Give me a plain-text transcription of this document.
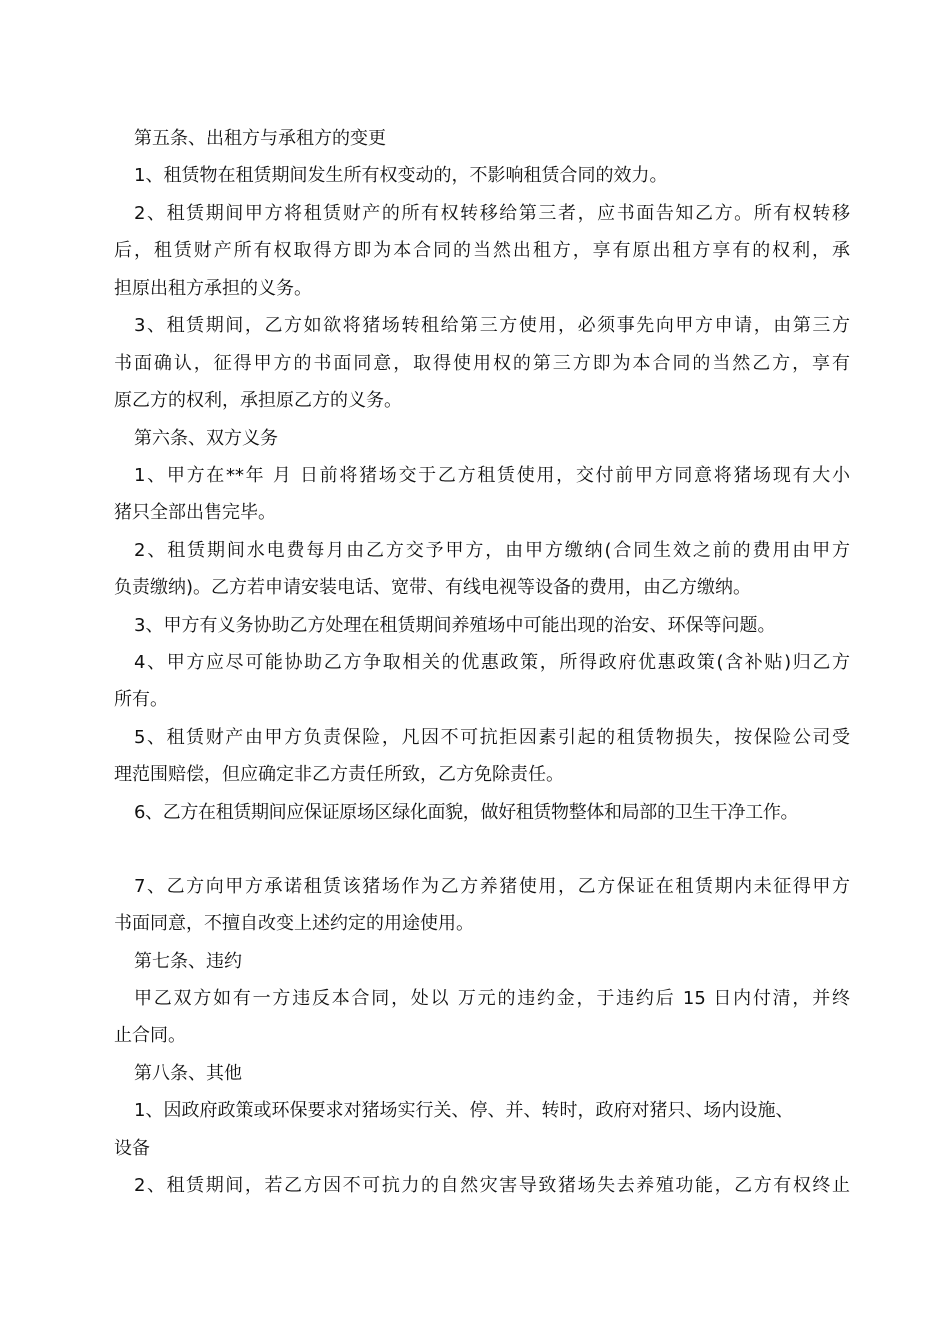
第五条、出租方与承租方的变更
1、租赁物在租赁期间发生所有权变动的，不影响租赁合同的效力。
2、租赁期间甲方将租赁财产的所有权转移给第三者，应书面告知乙方。所有权转移
后，租赁财产所有权取得方即为本合同的当然出租方，享有原出租方享有的权利，承
担原出租方承担的义务。
3、租赁期间，乙方如欲将猪场转租给第三方使用，必须事先向甲方申请，由第三方
书面确认，征得甲方的书面同意，取得使用权的第三方即为本合同的当然乙方，享有
原乙方的权利，承担原乙方的义务。
第六条、双方义务
1、甲方在**年 月 日前将猪场交于乙方租赁使用，交付前甲方同意将猪场现有大小
猪只全部出售完毕。
2、租赁期间水电费每月由乙方交予甲方，由甲方缴纳(合同生效之前的费用由甲方
负责缴纳)。乙方若申请安装电话、宽带、有线电视等设备的费用，由乙方缴纳。
3、甲方有义务协助乙方处理在租赁期间养殖场中可能出现的治安、环保等问题。
4、甲方应尽可能协助乙方争取相关的优惠政策，所得政府优惠政策(含补贴)归乙方
所有。
5、租赁财产由甲方负责保险，凡因不可抗拒因素引起的租赁物损失，按保险公司受
理范围赔偿，但应确定非乙方责任所致，乙方免除责任。
6、乙方在租赁期间应保证原场区绿化面貌，做好租赁物整体和局部的卫生干净工作。
7、乙方向甲方承诺租赁该猪场作为乙方养猪使用，乙方保证在租赁期内未征得甲方
书面同意，不擅自改变上述约定的用途使用。
第七条、违约
甲乙双方如有一方违反本合同，处以 万元的违约金，于违约后 15 日内付清，并终
止合同。
第八条、其他
1、因政府政策或环保要求对猪场实行关、停、并、转时，政府对猪只、场内设施、
设备
2、租赁期间，若乙方因不可抗力的自然灾害导致猪场失去养殖功能，乙方有权终止
